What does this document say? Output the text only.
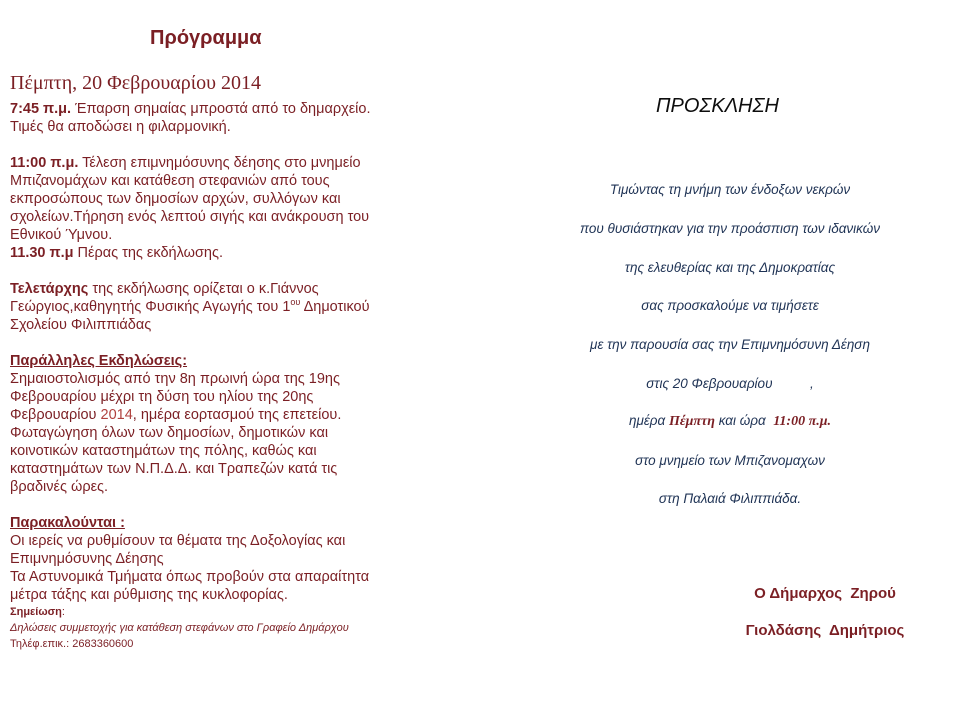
Πρόγραμμα
Πέμπτη, 20 Φεβρουαρίου 2014

7:45 π.μ. Έπαρση σημαίας μπροστά από το δημαρχείο.

Τιμές θα αποδώσει η φιλαρμονική.

11:00 π.μ. Τέλεση επιμνημόσυνης δέησης στο μνημείο

Μπιζανομάχων και κατάθεση στεφανιών από τους

εκπροσώπους των δημοσίων αρχών, συλλόγων και

σχολείων.Τήρηση ενός λεπτού σιγής και ανάκρουση του

Εθνικού Ύμνου.

11.30 π.μ Πέρας της εκδήλωσης.

Τελετάρχης της εκδήλωσης ορίζεται ο κ.Γιάννος

Γεώργιος,καθηγητής Φυσικής Αγωγής του $1^{o\upsilon}$ Δημοτικού

Σχολείου Φιλιππιάδας

Παράλληλες Εκδηλώσεις:

Σημαιοστολισμός από την 8η πρωινή ώρα της 19ης

Φεβρουαρίου μέχρι τη δύση του ηλίου της 20ης

Φεβρουαρίου 2014, ημέρα εορτασμού της επετείου.

Φωταγώγηση όλων των δημοσίων, δημοτικών και

κοινοτικών καταστημάτων της πόλης, καθώς και

καταστημάτων των Ν.Π.Δ.Δ. και Τραπεζών κατά τις

βραδινές ώρες.

Παρακαλούνται :

Οι ιερείς να ρυθμίσουν τα θέματα της Δοξολογίας και

Επιμνημόσυνης Δέησης

Τα Αστυνομικά Τμήματα όπως προβούν στα απαραίτητα

μέτρα τάξης και ρύθμισης της κυκλοφορίας.

Σημείωση:

Δηλώσεις συμμετοχής για κατάθεση στεφάνων στο Γραφείο Δημάρχου

Τηλέφ.επικ.: 2683360600

ΠΡΟΣΚΛΗΣΗ
Τιμώντας τη μνήμη των ένδοξων νεκρών
που θυσιάστηκαν για την προάσπιση των ιδανικών
της ελευθερίας και της Δημοκρατίας
σας προσκαλούμε να τιμήσετε
με την παρουσία σας την Επιμνημόσυνη Δέηση
στις 20 Φεβρουαρίου          ,
ημέρα Πέμπτη και ώρα  11:00 π.μ.
στο μνημείο των Μπιζανομαχων
στη Παλαιά Φιλιππιάδα.
Ο Δήμαρχος  Ζηρού
Γιολδάσης  Δημήτριος
